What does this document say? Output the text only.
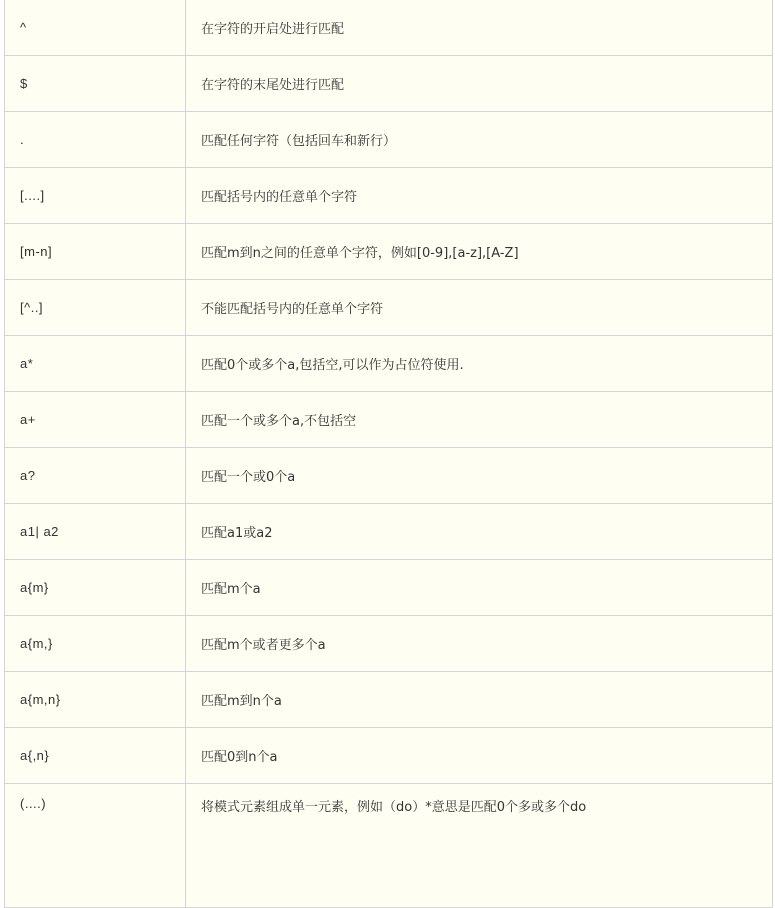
^	在字符的开启处进行匹配
$	在字符的末尾处进行匹配
.	匹配任何字符（包括回车和新行）
[....]	匹配括号内的任意单个字符
[m-n]	匹配m到n之间的任意单个字符，例如[0-9],[a-z],[A-Z]
[^..]	不能匹配括号内的任意单个字符
a*	匹配0个或多个a,包括空,可以作为占位符使用.
a+	匹配一个或多个a,不包括空
a?	匹配一个或0个a
a1| a2	匹配a1或a2
a{m}	匹配m个a
a{m,}	匹配m个或者更多个a
a{m,n}	匹配m到n个a
a{,n}	匹配0到n个a
(....)	将模式元素组成单一元素，例如（do）*意思是匹配0个多或多个do
